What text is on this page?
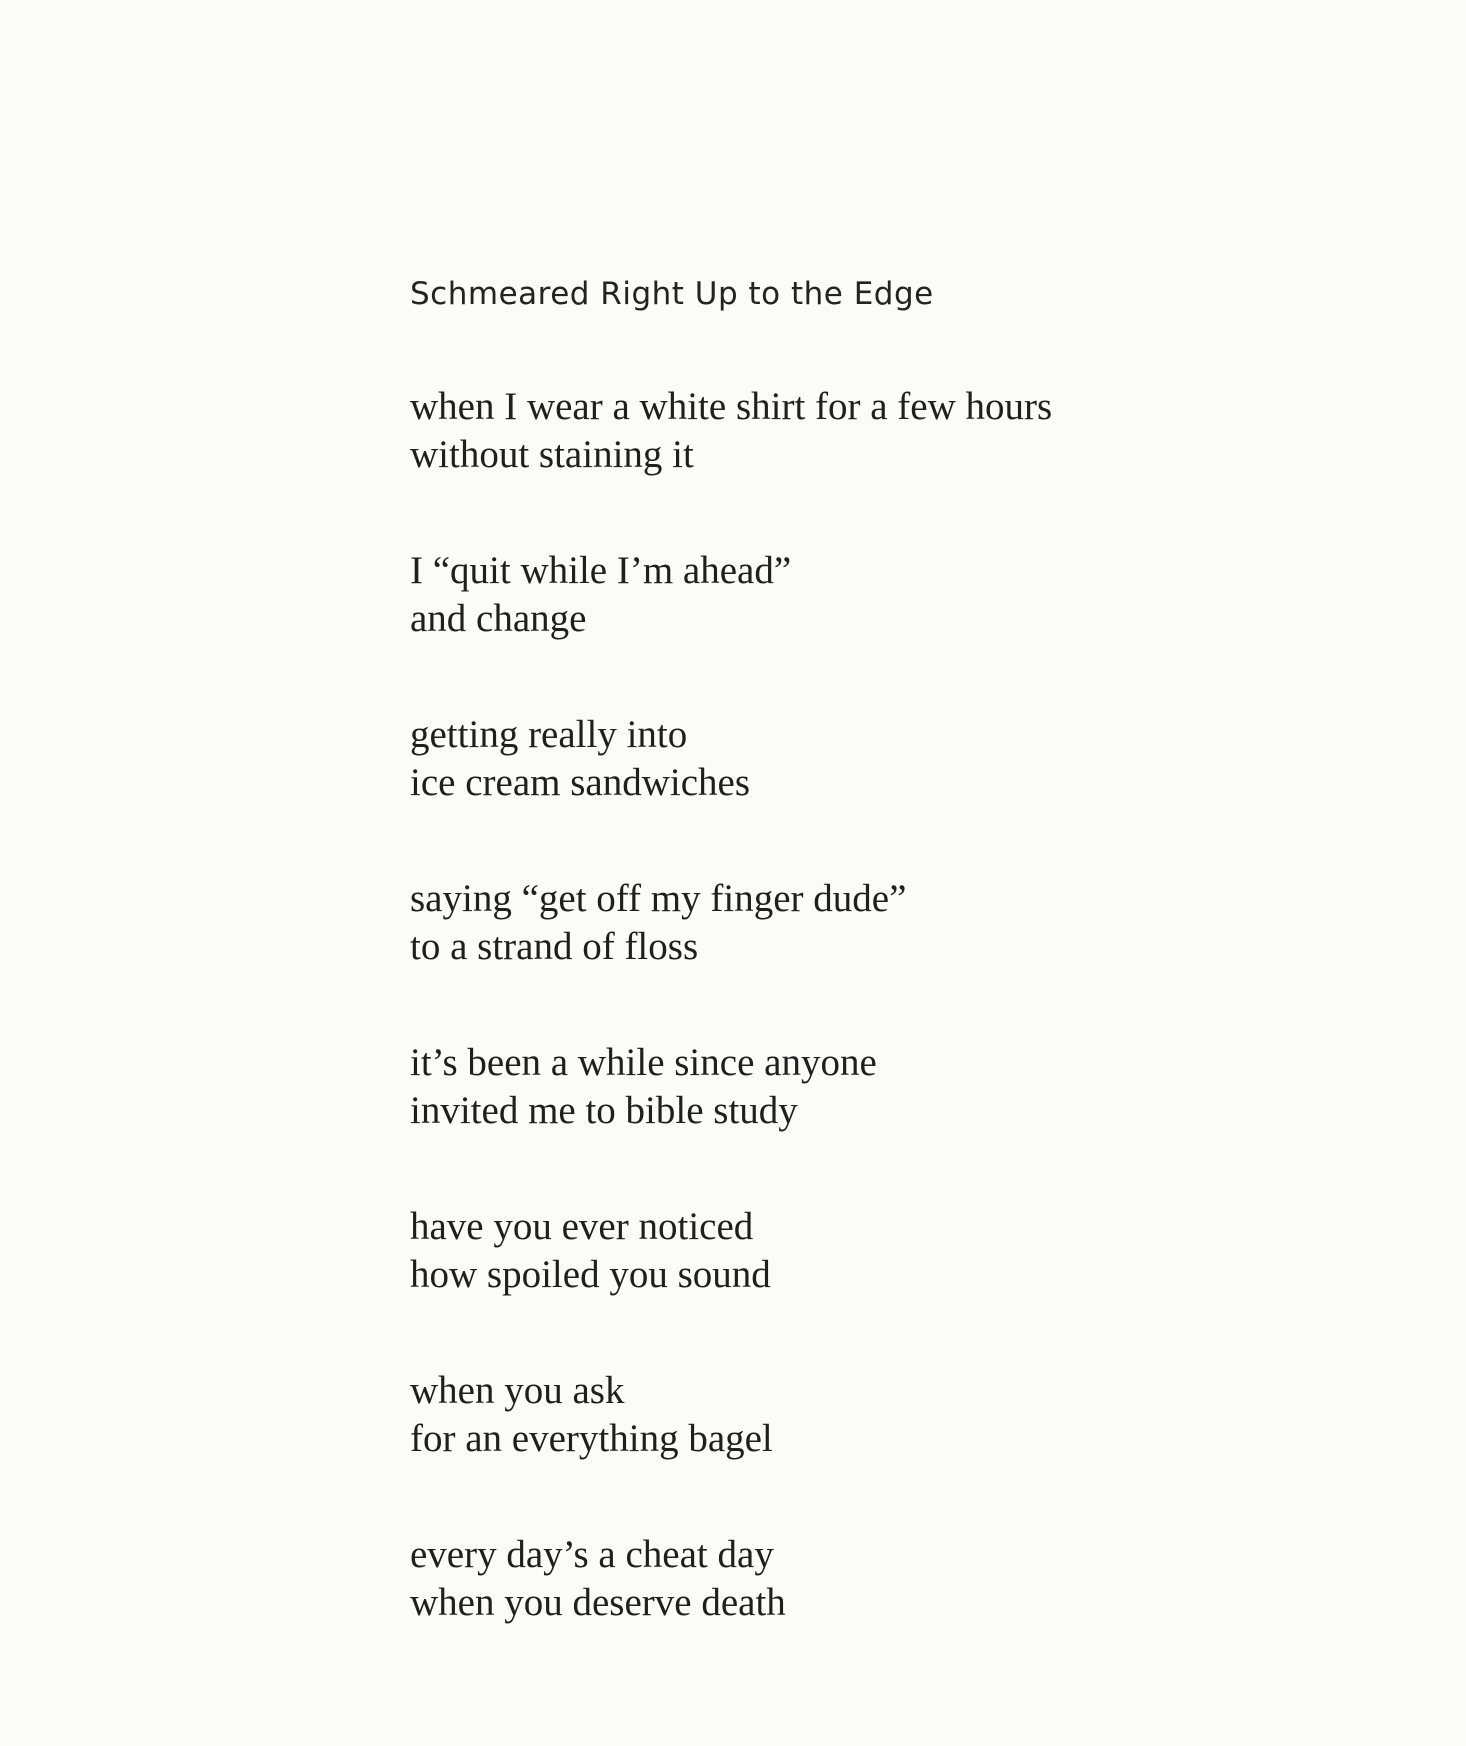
Schmeared Right Up to the Edge

when I wear a white shirt for a few hours
without staining it

I “quit while I’m ahead”
and change

getting really into
ice cream sandwiches

saying “get off my finger dude”
to a strand of floss

it’s been a while since anyone
invited me to bible study

have you ever noticed
how spoiled you sound

when you ask
for an everything bagel

every day’s a cheat day
when you deserve death
